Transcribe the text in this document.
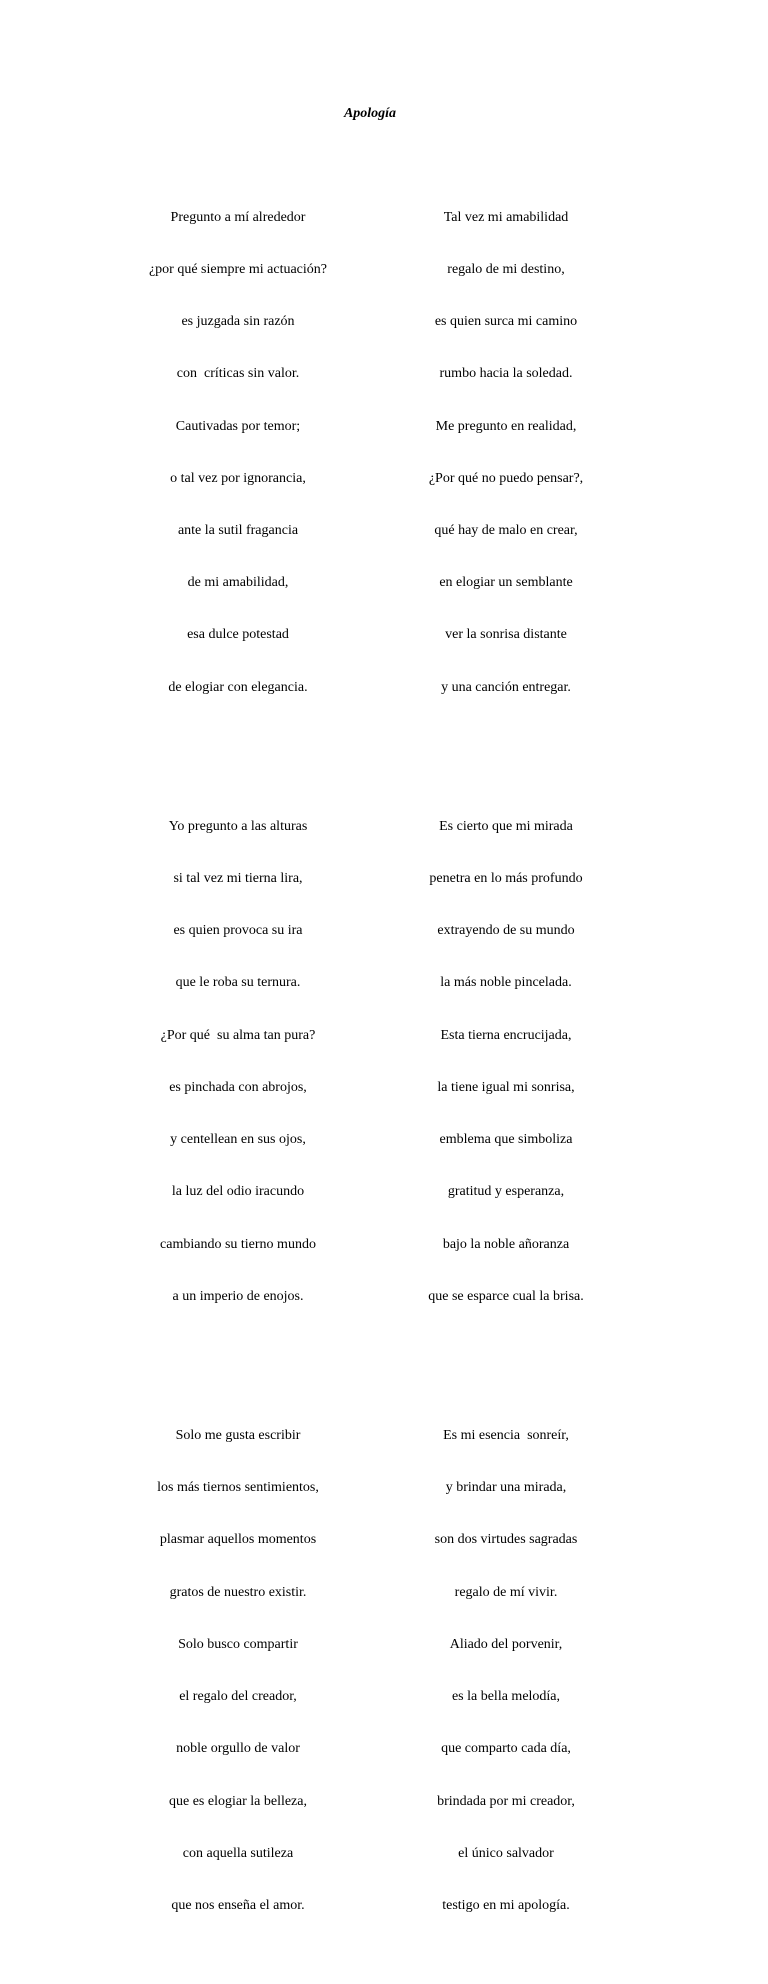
Apología

Pregunto a mí alrededor

¿por qué siempre mi actuación?

es juzgada sin razón

con  críticas sin valor.

Cautivadas por temor;

o tal vez por ignorancia,

ante la sutil fragancia

de mi amabilidad,

esa dulce potestad

de elogiar con elegancia.

Yo pregunto a las alturas

si tal vez mi tierna lira,

es quien provoca su ira

que le roba su ternura.

¿Por qué  su alma tan pura?

es pinchada con abrojos,

y centellean en sus ojos,

la luz del odio iracundo

cambiando su tierno mundo

a un imperio de enojos.

Solo me gusta escribir

los más tiernos sentimientos,

plasmar aquellos momentos

gratos de nuestro existir.

Solo busco compartir

el regalo del creador,

noble orgullo de valor

que es elogiar la belleza,

con aquella sutileza

que nos enseña el amor.

Tal vez mi amabilidad

regalo de mi destino,

es quien surca mi camino

rumbo hacia la soledad.

Me pregunto en realidad,

¿Por qué no puedo pensar?,

qué hay de malo en crear,

en elogiar un semblante

ver la sonrisa distante

y una canción entregar.

Es cierto que mi mirada

penetra en lo más profundo

extrayendo de su mundo

la más noble pincelada.

Esta tierna encrucijada,

la tiene igual mi sonrisa,

emblema que simboliza

gratitud y esperanza,

bajo la noble añoranza

que se esparce cual la brisa.

Es mi esencia  sonreír,

y brindar una mirada,

son dos virtudes sagradas

regalo de mí vivir.

Aliado del porvenir,

es la bella melodía,

que comparto cada día,

brindada por mi creador,

el único salvador

testigo en mi apología.
